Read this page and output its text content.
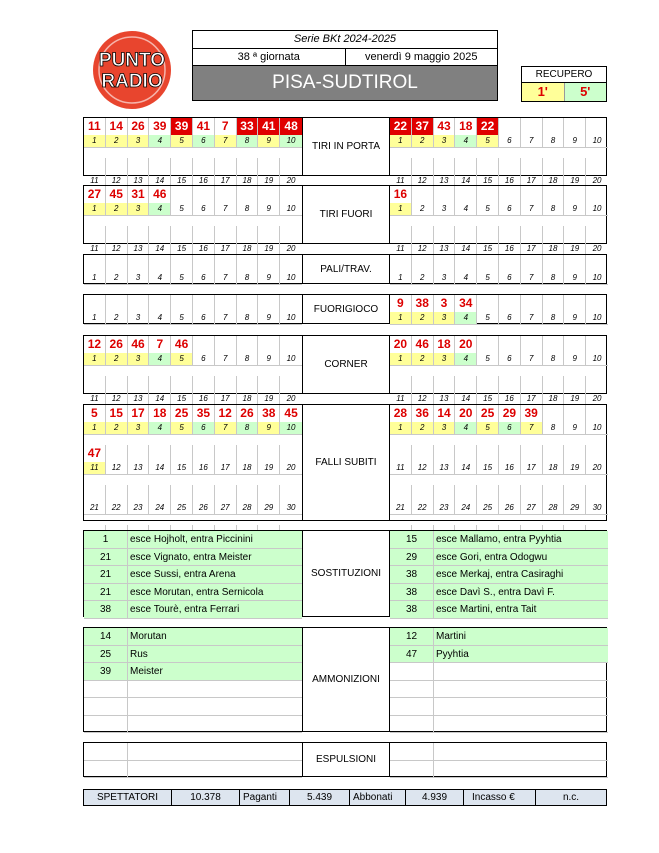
PUNTO
RADIO
Serie BKt 2024-2025
38 ª giornata	venerdì 9 maggio 2025
PISA-SUDTIROL	RECUPERO
1'	5'
11 14 26 39 39 41 7 33 41 48
1	2	3	4	5	6	7	8	9	10
11	12	13	14	15	16	17	18	19	20
TIRI IN PORTA
22 37 43 18 22
1	2	3	4	5	6	7	8	9	10
11	12	13	14	15	16	17	18	19	20
27 45 31 46
1	2	3	4	5	6	7	8	9	10
11	12	13	14	15	16	17	18	19	20
TIRI FUORI
16
1	2	3	4	5	6	7	8	9	10
11	12	13	14	15	16	17	18	19	20
1	2	3	4	5	6	7	8	9	10
PALI/TRAV.
1	2	3	4	5	6	7	8	9	10
1	2	3	4	5	6	7	8	9	10
FUORIGIOCO	9 38 3 34
1	2	3	4	5	6	7	8	9	10
12 26 46 7 46
1	2	3	4	5	6	7	8	9	10
11	12	13	14	15	16	17	18	19	20
CORNER
20 46 18 20
1	2	3	4	5	6	7	8	9	10
11	12	13	14	15	16	17	18	19	20
5 15 17 18 25 35 12 26 38 45
1	2	3	4	5	6	7	8	9	10
47
11	12	13	14	15	16	17	18	19	20
21	22	23	24	25	26	27	28	29	30
FALLI SUBITI
28 36 14 20 25 29 39
1	2	3	4	5	6	7	8	9	10
11	12	13	14	15	16	17	18	19	20
21	22	23	24	25	26	27	28	29	30
1	esce Hojholt, entra Piccinini
21	esce Vignato, entra Meister
21	esce Sussi, entra Arena
21	esce Morutan, entra Sernicola
38	esce Tourè, entra Ferrari
SOSTITUZIONI
15	esce Mallamo, entra Pyyhtia
29	esce Gori, entra Odogwu
38	esce Merkaj, entra Casiraghi
38	esce Davì S., entra Davì F.
38	esce Martini, entra Tait
14	Morutan
25	Rus
39	Meister
AMMONIZIONI
12	Martini
47	Pyyhtia
ESPULSIONI
SPETTATORI	10.378	Paganti	5.439	Abbonati	4.939	Incasso €	n.c.
